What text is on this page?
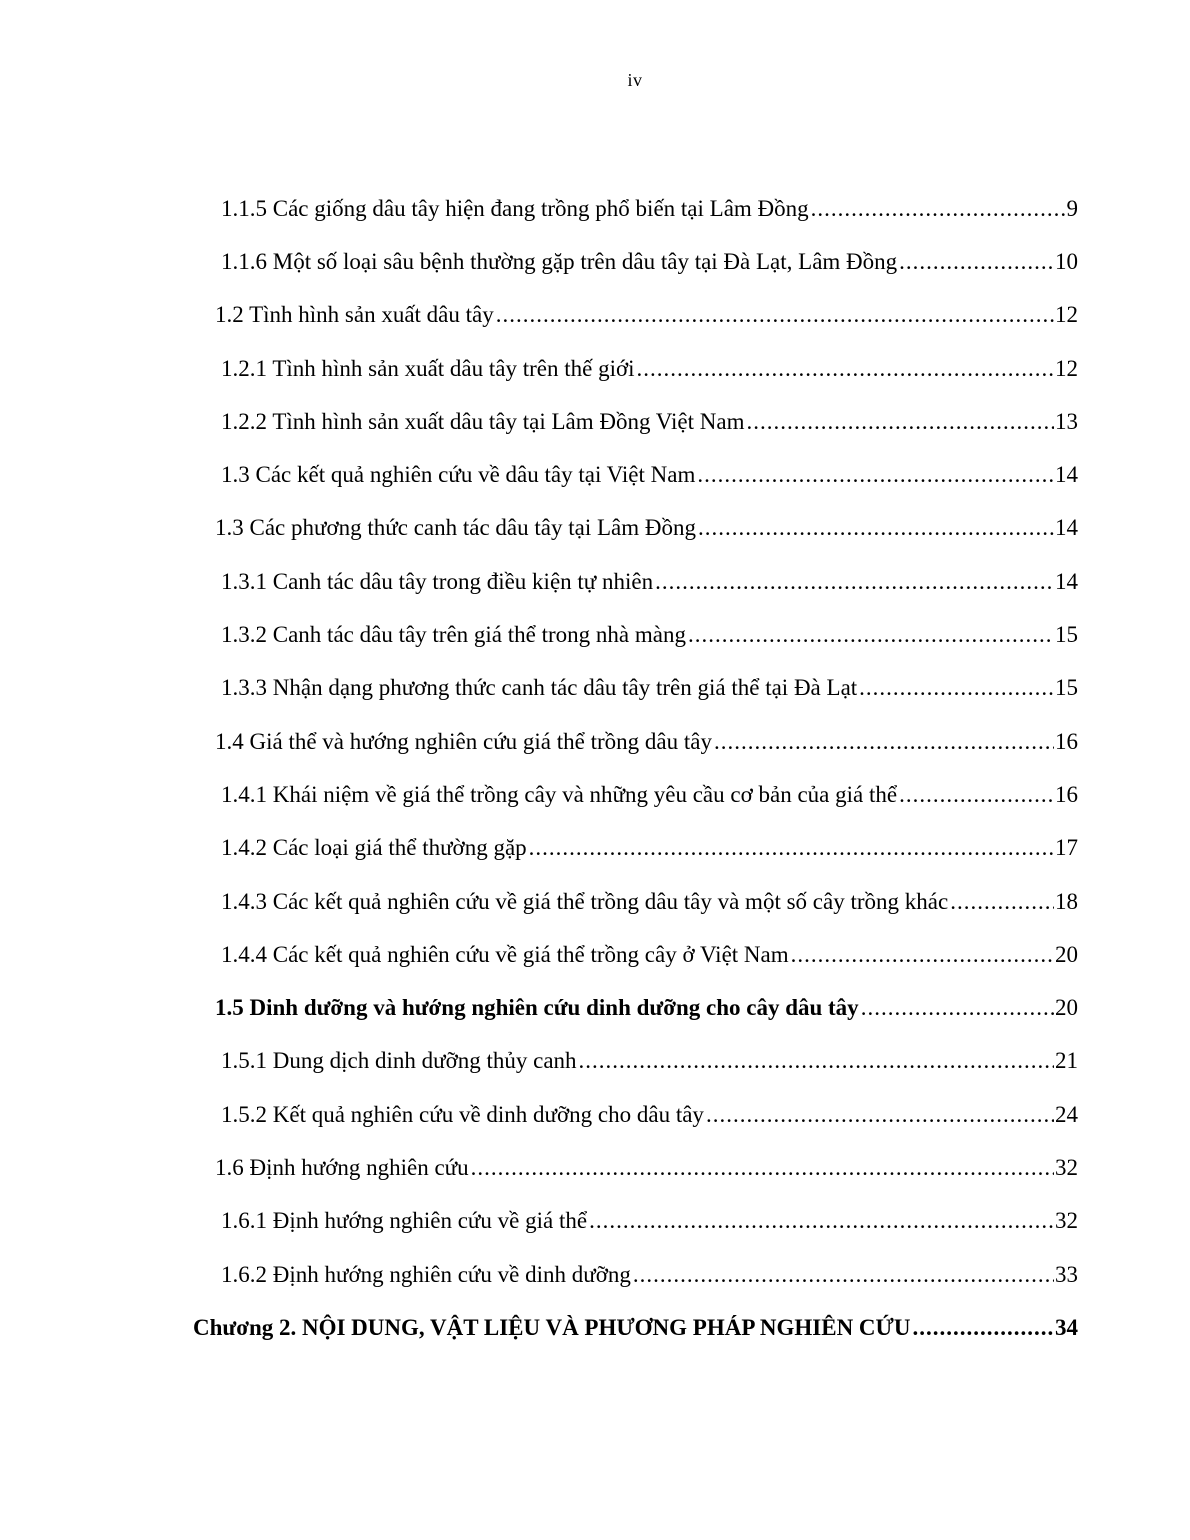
iv
1.1.5 Các giống dâu tây hiện đang trồng phổ biến tại Lâm Đồng .....	9
1.1.6 Một số loại sâu bệnh thường gặp trên dâu tây tại Đà Lạt, Lâm Đồng .....	10
1.2 Tình hình sản xuất dâu tây .....	12
1.2.1 Tình hình sản xuất dâu tây trên thế giới .....	12
1.2.2 Tình hình sản xuất dâu tây tại Lâm Đồng Việt Nam .....	13
1.3 Các kết quả nghiên cứu về dâu tây tại Việt Nam .....	14
1.3 Các phương thức canh tác dâu tây tại Lâm Đồng .....	14
1.3.1 Canh tác dâu tây trong điều kiện tự nhiên .....	14
1.3.2 Canh tác dâu tây trên giá thể trong nhà màng .....	15
1.3.3 Nhận dạng phương thức canh tác dâu tây trên giá thể tại Đà Lạt .....	15
1.4 Giá thể và hướng nghiên cứu giá thể trồng dâu tây .....	16
1.4.1 Khái niệm về giá thể trồng cây và những yêu cầu cơ bản của giá thể .....	16
1.4.2 Các loại giá thể thường gặp .....	17
1.4.3 Các kết quả nghiên cứu về giá thể trồng dâu tây và một số cây trồng khác .....	18
1.4.4 Các kết quả nghiên cứu về giá thể trồng cây ở Việt Nam .....	20
1.5 Dinh dưỡng và hướng nghiên cứu dinh dưỡng cho cây dâu tây .....	20
1.5.1 Dung dịch dinh dưỡng thủy canh .....	21
1.5.2 Kết quả nghiên cứu về dinh dưỡng cho dâu tây .....	24
1.6 Định hướng nghiên cứu .....	32
1.6.1 Định hướng nghiên cứu về giá thể .....	32
1.6.2 Định hướng nghiên cứu về dinh dưỡng .....	33
Chương 2. NỘI DUNG, VẬT LIỆU VÀ PHƯƠNG PHÁP NGHIÊN CỨU .....	34
